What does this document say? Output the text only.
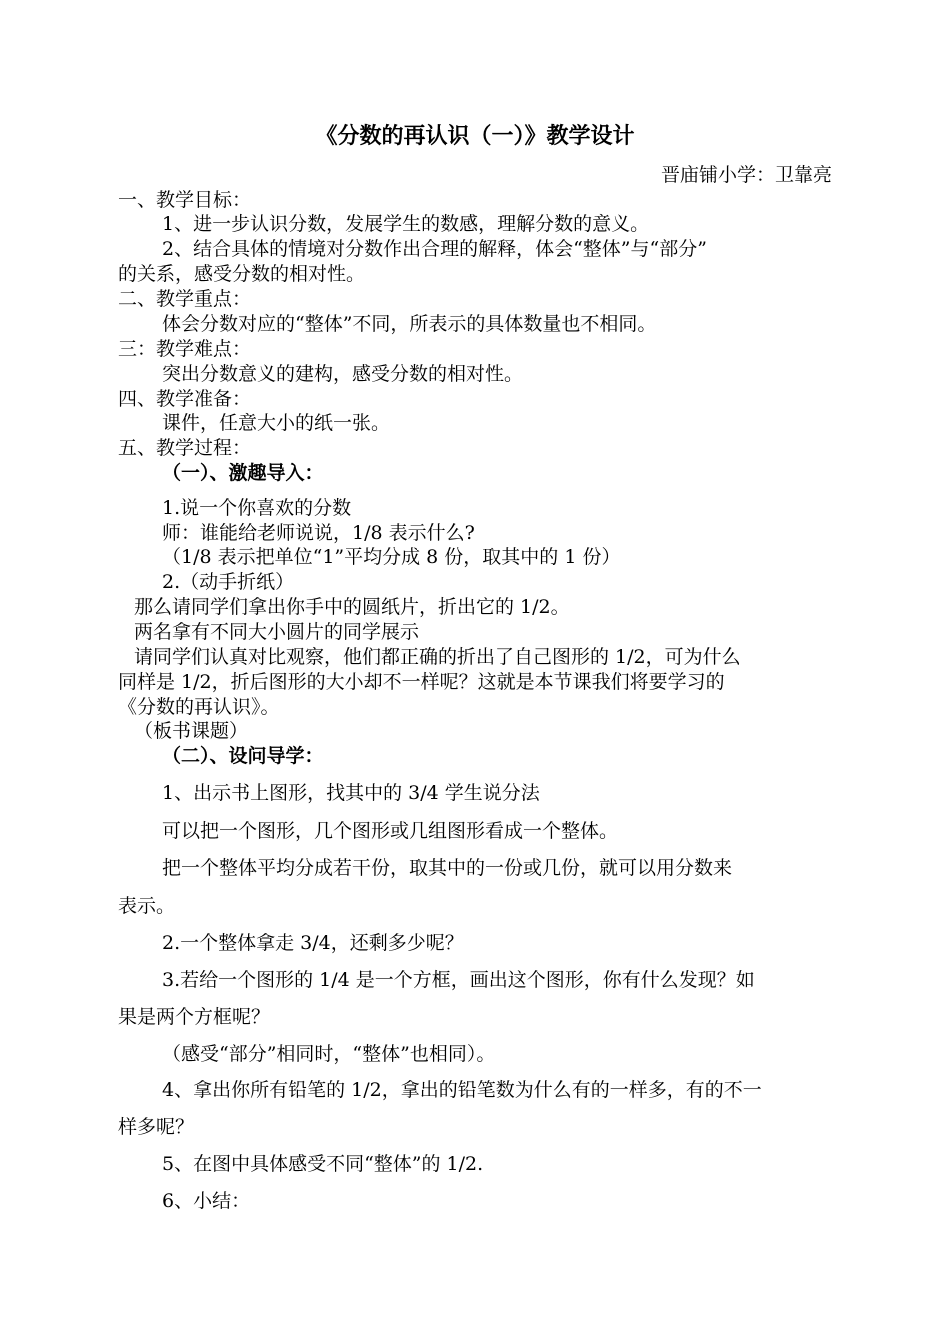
《分数的再认识（一）》教学设计
晋庙铺小学：卫靠亮
一、教学目标：
1、进一步认识分数，发展学生的数感，理解分数的意义。
2、结合具体的情境对分数作出合理的解释，体会“整体”与“部分”
的关系，感受分数的相对性。
二、教学重点：
体会分数对应的“整体”不同，所表示的具体数量也不相同。
三：教学难点：
突出分数意义的建构，感受分数的相对性。
四、教学准备：
课件，任意大小的纸一张。
五、教学过程：
（一）、激趣导入：
1.说一个你喜欢的分数
师：谁能给老师说说，1/8 表示什么?
（1/8 表示把单位“1”平均分成 8 份，取其中的 1 份）
2.（动手折纸）
那么请同学们拿出你手中的圆纸片，折出它的 1/2。
两名拿有不同大小圆片的同学展示
请同学们认真对比观察，他们都正确的折出了自己图形的 1/2，可为什么
同样是 1/2，折后图形的大小却不一样呢？这就是本节课我们将要学习的
《分数的再认识》。
（板书课题）
（二）、设问导学：
1、出示书上图形，找其中的 3/4 学生说分法
可以把一个图形，几个图形或几组图形看成一个整体。
把一个整体平均分成若干份，取其中的一份或几份，就可以用分数来
表示。
2.一个整体拿走 3/4，还剩多少呢？
3.若给一个图形的 1/4 是一个方框，画出这个图形，你有什么发现？如
果是两个方框呢？
（感受“部分”相同时，“整体”也相同）。
4、拿出你所有铅笔的 1/2，拿出的铅笔数为什么有的一样多，有的不一
样多呢？
5、在图中具体感受不同“整体”的 1/2.
6、小结：
